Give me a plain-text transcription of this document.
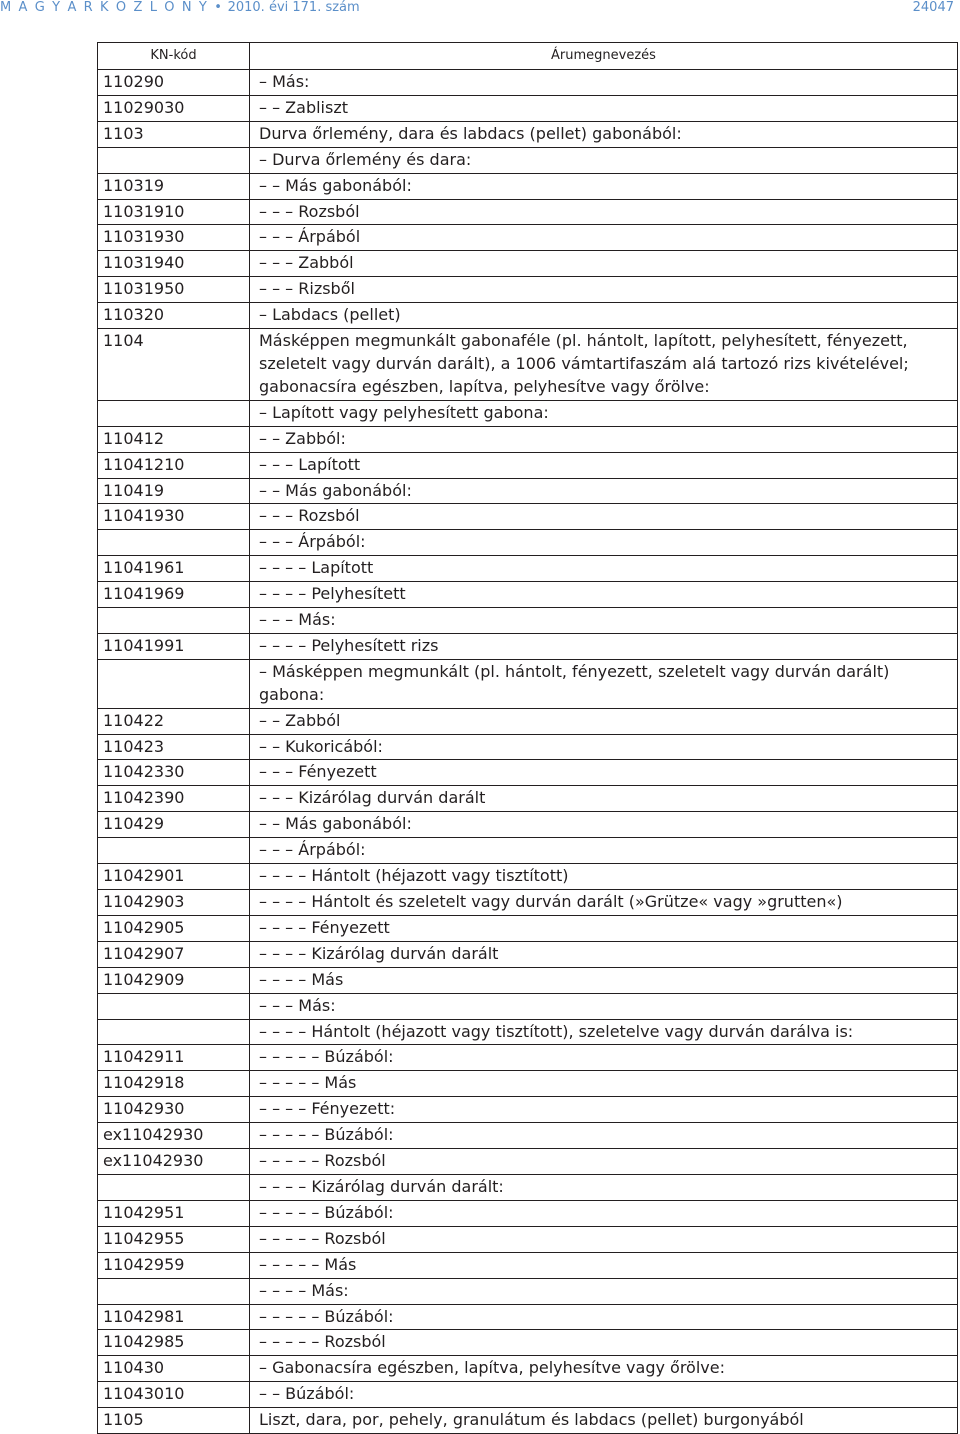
M A G Y A R K Ö Z L Ö N Y • 2010. évi 171. szám	24047
KN-kód	Árumegnevezés
110290	– Más:

11029030	– – Zabliszt

1103	Durva őrlemény, dara és labdacs (pellet) gabonából:

	– Durva őrlemény és dara:

110319	– – Más gabonából:

11031910	– – – Rozsból

11031930	– – – Árpából

11031940	– – – Zabból

11031950	– – – Rizsből

110320	– Labdacs (pellet)

1104	Másképpen megmunkált gabonaféle (pl. hántolt, lapított, pelyhesített, fényezett, szeletelt vagy durván darált), a 1006 vámtartifaszám alá tartozó rizs kivételével; gabonacsíra egészben, lapítva, pelyhesítve vagy őrölve:

	– Lapított vagy pelyhesített gabona:

110412	– – Zabból:

11041210	– – – Lapított

110419	– – Más gabonából:

11041930	– – – Rozsból

	– – – Árpából:

11041961	– – – – Lapított

11041969	– – – – Pelyhesített

	– – – Más:

11041991	– – – – Pelyhesített rizs

	– Másképpen megmunkált (pl. hántolt, fényezett, szeletelt vagy durván darált) gabona:

110422	– – Zabból

110423	– – Kukoricából:

11042330	– – – Fényezett

11042390	– – – Kizárólag durván darált

110429	– – Más gabonából:

	– – – Árpából:

11042901	– – – – Hántolt (héjazott vagy tisztított)

11042903	– – – – Hántolt és szeletelt vagy durván darált (»Grütze« vagy »grutten«)

11042905	– – – – Fényezett

11042907	– – – – Kizárólag durván darált

11042909	– – – – Más

	– – – Más:

	– – – – Hántolt (héjazott vagy tisztított), szeletelve vagy durván darálva is:

11042911	– – – – – Búzából:

11042918	– – – – – Más

11042930	– – – – Fényezett:

ex11042930	– – – – – Búzából:

ex11042930	– – – – – Rozsból

	– – – – Kizárólag durván darált:

11042951	– – – – – Búzából:

11042955	– – – – – Rozsból

11042959	– – – – – Más

	– – – – Más:

11042981	– – – – – Búzából:

11042985	– – – – – Rozsból

110430	– Gabonacsíra egészben, lapítva, pelyhesítve vagy őrölve:

11043010	– – Búzából:

1105	Liszt, dara, por, pehely, granulátum és labdacs (pellet) burgonyából
